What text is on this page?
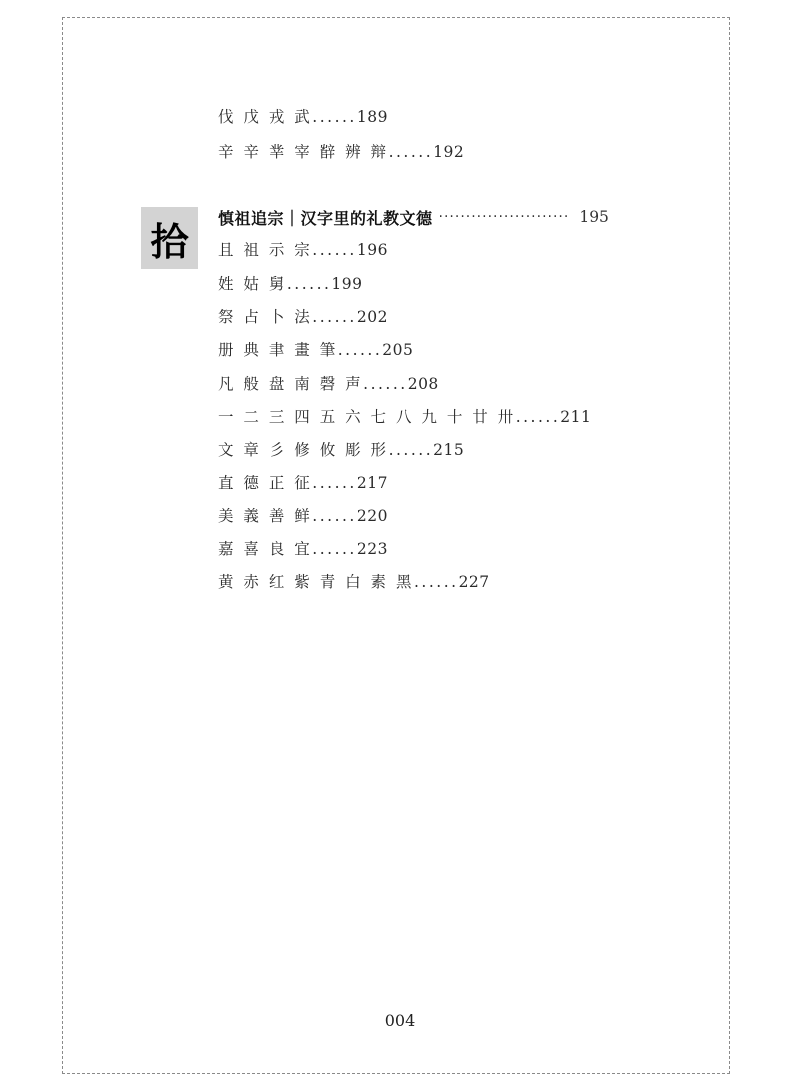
伐 戊 戎 武......189
辛 辛 丵 宰 辥 辨 辩......192
拾
慎祖追宗｜汉字里的礼教文德 ························ 195
且 祖 示 宗......196
姓 姑 舅......199
祭 占 卜 法......202
册 典 聿 畫 筆......205
凡 般 盘 南 磬 声......208
一 二 三 四 五 六 七 八 九 十 廿 卅......211
文 章 彡 修 攸 彫 形......215
直 德 正 征......217
美 義 善 鲜......220
嘉 喜 良 宜......223
黄 赤 红 紫 青 白 素 黑......227
004
